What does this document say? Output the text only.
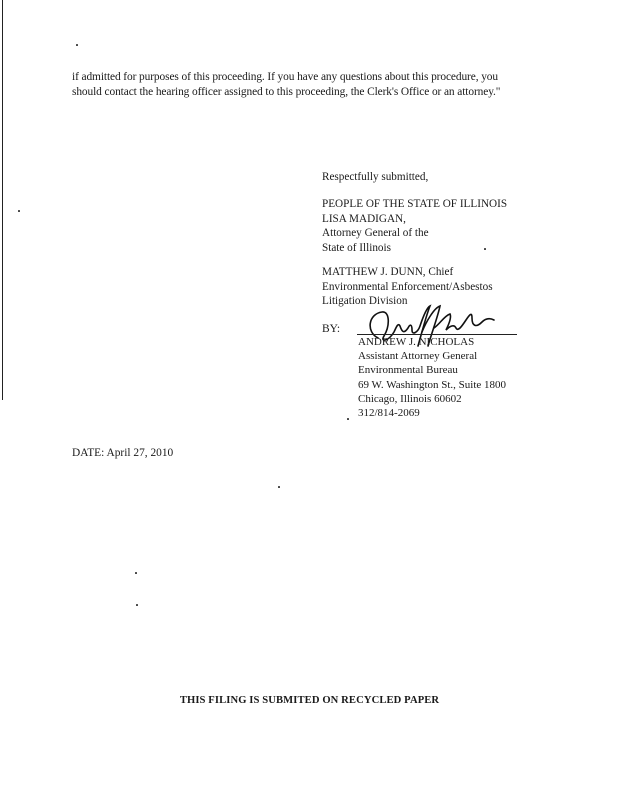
if admitted for purposes of this proceeding. If you have any questions about this procedure, you
should contact the hearing officer assigned to this proceeding, the Clerk's Office or an attorney."

Respectfully submitted,
PEOPLE OF THE STATE OF ILLINOIS
LISA MADIGAN,
Attorney General of the
State of Illinois
MATTHEW J. DUNN, Chief
Environmental Enforcement/Asbestos
Litigation Division
BY:
ANDREW J. NICHOLAS
Assistant Attorney General
Environmental Bureau
69 W. Washington St., Suite 1800
Chicago, Illinois 60602
312/814-2069
DATE: April 27, 2010
THIS FILING IS SUBMITED ON RECYCLED PAPER
